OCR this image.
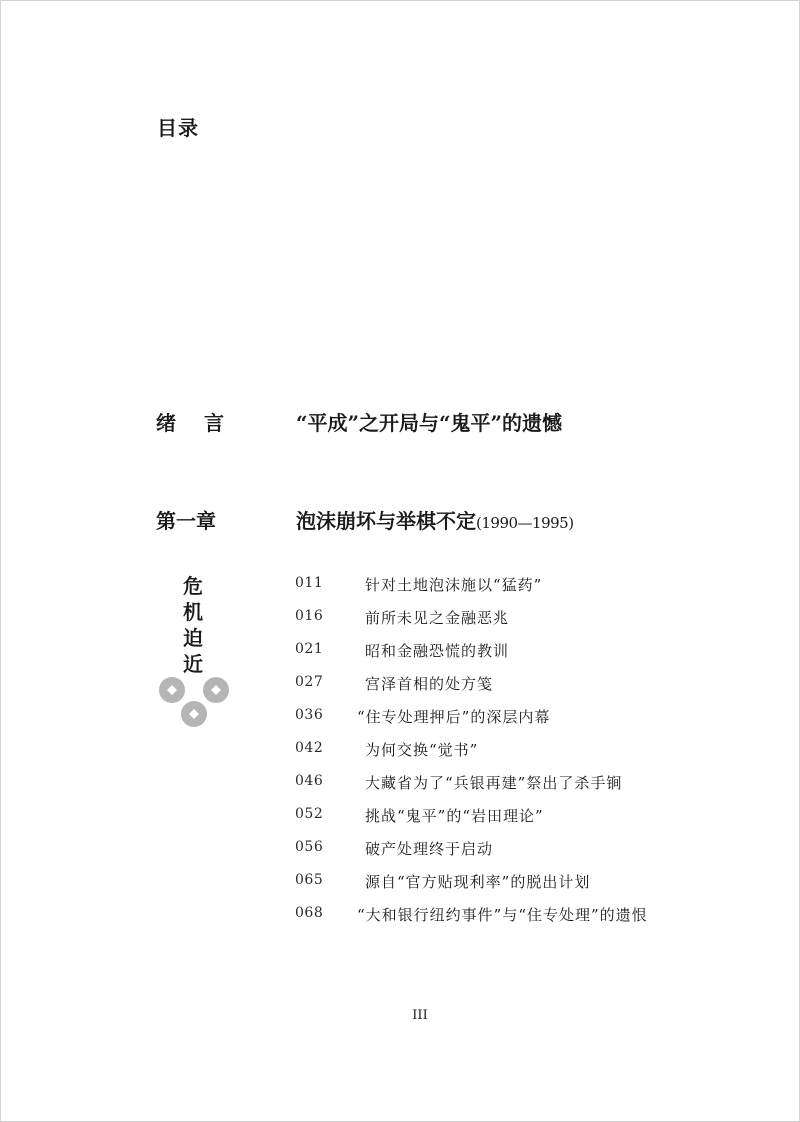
目录
绪　言	“平成”之开局与“鬼平”的遗憾
第一章	泡沫崩坏与举棋不定(1990—1995)
危
机
迫
近
011	针对土地泡沫施以“猛药”
016	前所未见之金融恶兆
021	昭和金融恐慌的教训
027	宫泽首相的处方笺
036 “住专处理押后”的深层内幕
042	为何交换“觉书”
046	大藏省为了“兵银再建”祭出了杀手锏
052	挑战“鬼平”的“岩田理论”
056	破产处理终于启动
065	源自“官方贴现利率”的脱出计划
068 “大和银行纽约事件”与“住专处理”的遗恨
III
